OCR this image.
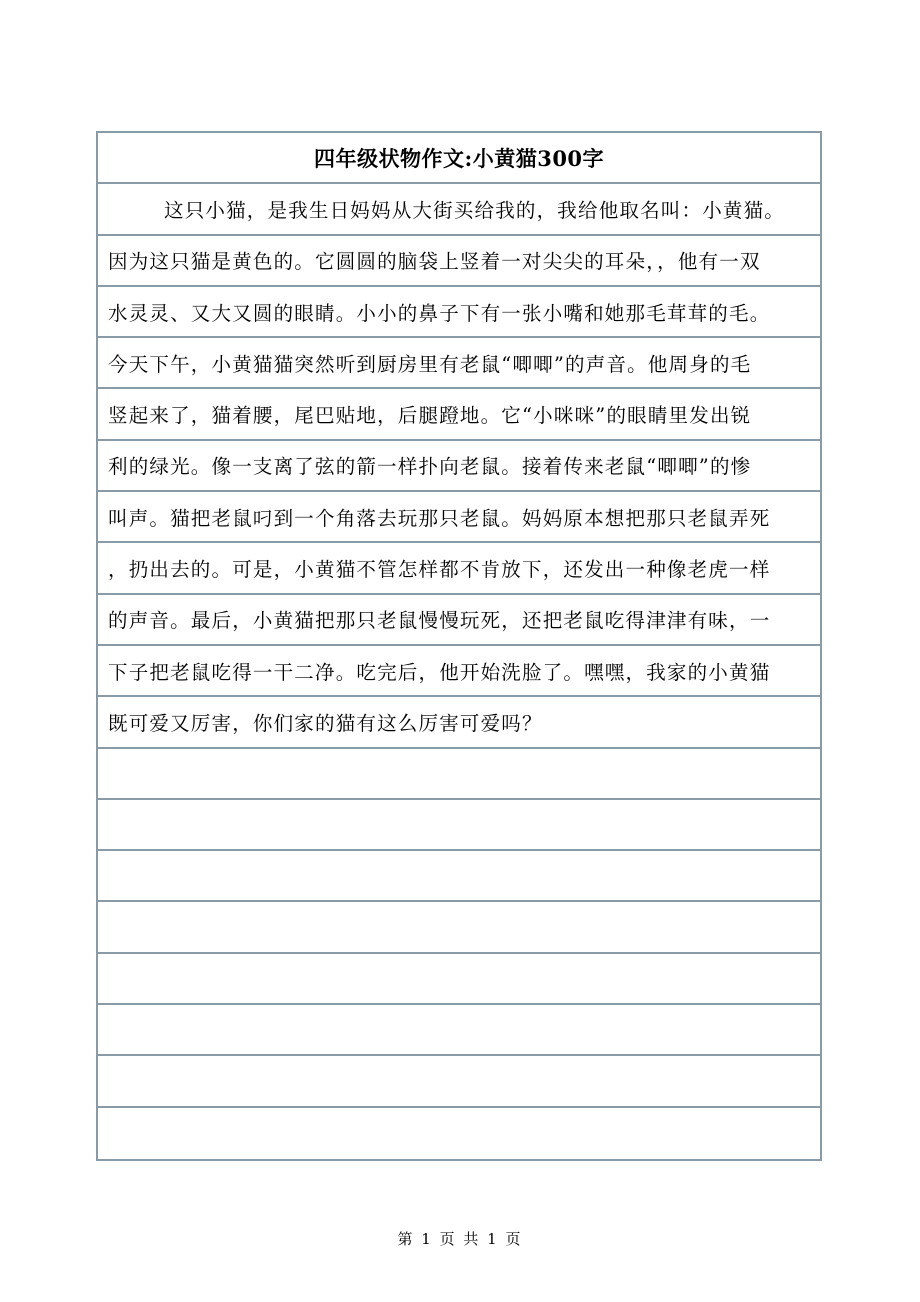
四年级状物作文:小黄猫300字
这只小猫，是我生日妈妈从大街买给我的，我给他取名叫：小黄猫。
因为这只猫是黄色的。它圆圆的脑袋上竖着一对尖尖的耳朵，，他有一双
水灵灵、又大又圆的眼睛。小小的鼻子下有一张小嘴和她那毛茸茸的毛。
今天下午，小黄猫猫突然听到厨房里有老鼠“唧唧”的声音。他周身的毛
竖起来了，猫着腰，尾巴贴地，后腿蹬地。它“小咪咪”的眼睛里发出锐
利的绿光。像一支离了弦的箭一样扑向老鼠。接着传来老鼠“唧唧”的惨
叫声。猫把老鼠叼到一个角落去玩那只老鼠。妈妈原本想把那只老鼠弄死
，扔出去的。可是，小黄猫不管怎样都不肯放下，还发出一种像老虎一样
的声音。最后，小黄猫把那只老鼠慢慢玩死，还把老鼠吃得津津有味，一
下子把老鼠吃得一干二净。吃完后，他开始洗脸了。嘿嘿，我家的小黄猫
既可爱又厉害，你们家的猫有这么厉害可爱吗？
第 1 页 共 1 页
